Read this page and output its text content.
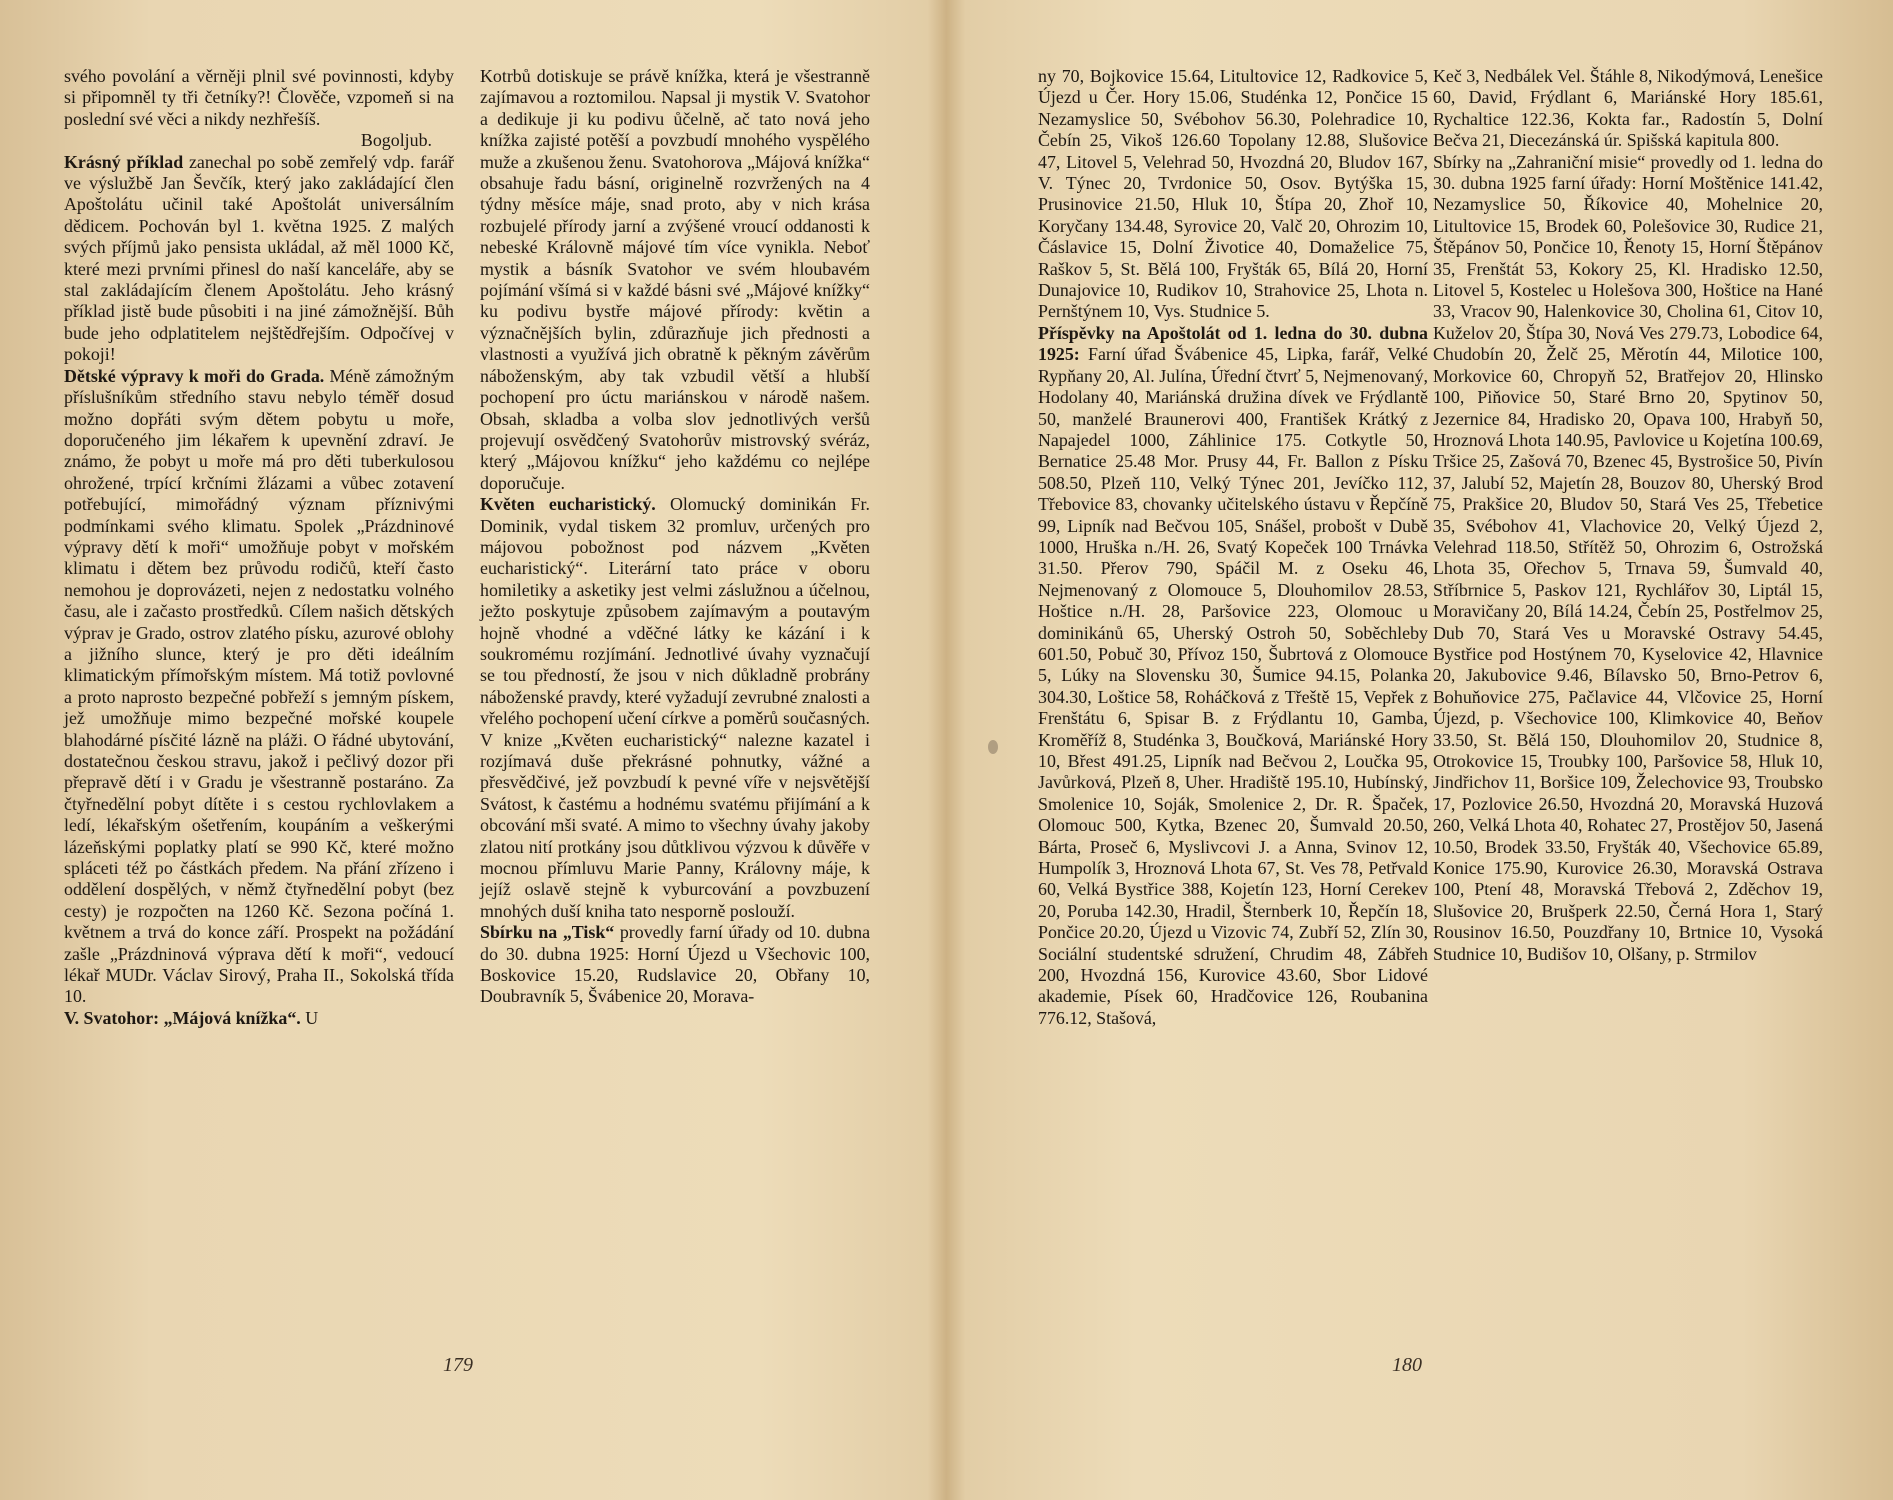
svého povolání a věrněji plnil své povinnosti, kdyby si připomněl ty tři četníky?! Člověče, vzpomeň si na poslední své věci a nikdy nezhřešíš.

Bogoljub.

Krásný příklad zanechal po sobě zemřelý vdp. farář ve výslužbě Jan Ševčík, který jako zakládající člen Apoštolátu učinil také Apoštolát universálním dědicem. Pochován byl 1. května 1925. Z malých svých příjmů jako pensista ukládal, až měl 1000 Kč, které mezi prvními přinesl do naší kanceláře, aby se stal zakládajícím členem Apoštolátu. Jeho krásný příklad jistě bude působiti i na jiné zámožnější. Bůh bude jeho odplatitelem nejštědřejším. Odpočívej v pokoji!

Dětské výpravy k moři do Grada. Méně zámožným příslušníkům středního stavu nebylo téměř dosud možno dopřáti svým dětem pobytu u moře, doporučeného jim lékařem k upevnění zdraví. Je známo, že pobyt u moře má pro děti tuberkulosou ohrožené, trpící krčními žlázami a vůbec zotavení potřebující, mimořádný význam příznivými podmínkami svého klimatu. Spolek „Prázdninové výpravy dětí k moři“ umožňuje pobyt v mořském klimatu i dětem bez průvodu rodičů, kteří často nemohou je doprovázeti, nejen z nedostatku volného času, ale i začasto prostředků. Cílem našich dětských výprav je Grado, ostrov zlatého písku, azurové oblohy a jižního slunce, který je pro děti ideálním klimatickým přímořským místem. Má totiž povlovné a proto naprosto bezpečné pobřeží s jemným pískem, jež umožňuje mimo bezpečné mořské koupele blahodárné písčité lázně na pláži. O řádné ubytování, dostatečnou českou stravu, jakož i pečlivý dozor při přepravě dětí i v Gradu je všestranně postaráno. Za čtyřnedělní pobyt dítěte i s cestou rychlovlakem a ledí, lékařským ošetřením, koupáním a veškerými lázeňskými poplatky platí se 990 Kč, které možno spláceti též po částkách předem. Na přání zřízeno i oddělení dospělých, v němž čtyřnedělní pobyt (bez cesty) je rozpočten na 1260 Kč. Sezona počíná 1. květnem a trvá do konce září. Prospekt na požádání zašle „Prázdninová výprava dětí k moři“, vedoucí lékař MUDr. Václav Sirový, Praha II., Sokolská třída 10.

V. Svatohor: „Májová knížka“. U

Kotrbů dotiskuje se právě knížka, která je všestranně zajímavou a roztomilou. Napsal ji mystik V. Svatohor a dedikuje ji ku podivu ůčelně, ač tato nová jeho knížka zajisté potěší a povzbudí mnohého vyspělého muže a zkušenou ženu. Svatohorova „Májová knížka“ obsahuje řadu básní, originelně rozvržených na 4 týdny měsíce máje, snad proto, aby v nich krása rozbujelé přírody jarní a zvýšené vroucí oddanosti k nebeské Královně májové tím více vynikla. Neboť mystik a básník Svatohor ve svém hloubavém pojímání všímá si v každé básni své „Májové knížky“ ku podivu bystře májové přírody: květin a význačnějších bylin, zdůrazňuje jich přednosti a vlastnosti a využívá jich obratně k pěkným závěrům náboženským, aby tak vzbudil větší a hlubší pochopení pro úctu mariánskou v národě našem. Obsah, skladba a volba slov jednotlivých veršů projevují osvědčený Svatohorův mistrovský svéráz, který „Májovou knížku“ jeho každému co nejlépe doporučuje.

Květen eucharistický. Olomucký dominikán Fr. Dominik, vydal tiskem 32 promluv, určených pro májovou pobožnost pod názvem „Květen eucharistický“. Literární tato práce v oboru homiletiky a asketiky jest velmi záslužnou a účelnou, ježto poskytuje způsobem zajímavým a poutavým hojně vhodné a vděčné látky ke kázání i k soukromému rozjímání. Jednotlivé úvahy vyznačují se tou předností, že jsou v nich důkladně probrány náboženské pravdy, které vyžadují zevrubné znalosti a vřelého pochopení učení církve a poměrů současných. V knize „Květen eucharistický“ nalezne kazatel i rozjímavá duše překrásné pohnutky, vážné a přesvědčivé, jež povzbudí k pevné víře v nejsvětější Svátost, k častému a hodnému svatému přijímání a k obcování mši svaté. A mimo to všechny úvahy jakoby zlatou nití protkány jsou důtklivou výzvou k důvěře v mocnou přímluvu Marie Panny, Královny máje, k jejíž oslavě stejně k vyburcování a povzbuzení mnohých duší kniha tato nesporně poslouží.

Sbírku na „Tisk“ provedly farní úřady od 10. dubna do 30. dubna 1925: Horní Újezd u Všechovic 100, Boskovice 15.20, Rudslavice 20, Obřany 10, Doubravník 5, Švábenice 20, Morava-

179

ny 70, Bojkovice 15.64, Litultovice 12, Radkovice 5, Újezd u Čer. Hory 15.06, Studénka 12, Pončice 15 Nezamyslice 50, Svébohov 56.30, Polehradice 10, Čebín 25, Vikoš 126.60 Topolany 12.88, Slušovice 47, Litovel 5, Velehrad 50, Hvozdná 20, Bludov 167, V. Týnec 20, Tvrdonice 50, Osov. Bytýška 15, Prusinovice 21.50, Hluk 10, Štípa 20, Zhoř 10, Koryčany 134.48, Syrovice 20, Valč 20, Ohrozim 10, Čáslavice 15, Dolní Životice 40, Domaželice 75, Raškov 5, St. Bělá 100, Fryšták 65, Bílá 20, Horní Dunajovice 10, Rudikov 10, Strahovice 25, Lhota n. Pernštýnem 10, Vys. Studnice 5.

Příspěvky na Apoštolát od 1. ledna do 30. dubna 1925: Farní úřad Švábenice 45, Lipka, farář, Velké Rypňany 20, Al. Julína, Úřední čtvrť 5, Nejmenovaný, Hodolany 40, Mariánská družina dívek ve Frýdlantě 50, manželé Braunerovi 400, František Krátký z Napajedel 1000, Záhlinice 175. Cotkytle 50, Bernatice 25.48 Mor. Prusy 44, Fr. Ballon z Písku 508.50, Plzeň 110, Velký Týnec 201, Jevíčko 112, Třebovice 83, chovanky učitelského ústavu v Řepčíně 99, Lipník nad Bečvou 105, Snášel, probošt v Dubě 1000, Hruška n./H. 26, Svatý Kopeček 100 Trnávka 31.50. Přerov 790, Spáčil M. z Oseku 46, Nejmenovaný z Olomouce 5, Dlouhomilov 28.53, Hoštice n./H. 28, Paršovice 223, Olomouc u dominikánů 65, Uherský Ostroh 50, Soběchleby 601.50, Pobuč 30, Přívoz 150, Šubrtová z Olomouce 5, Lúky na Slovensku 30, Šumice 94.15, Polanka 304.30, Loštice 58, Roháčková z Třeště 15, Vepřek z Frenštátu 6, Spisar B. z Frýdlantu 10, Gamba, Kroměříž 8, Studénka 3, Boučková, Mariánské Hory 10, Břest 491.25, Lipník nad Bečvou 2, Loučka 95, Javůrková, Plzeň 8, Uher. Hradiště 195.10, Hubínský, Smolenice 10, Soják, Smolenice 2, Dr. R. Špaček, Olomouc 500, Kytka, Bzenec 20, Šumvald 20.50, Bárta, Proseč 6, Myslivcovi J. a Anna, Svinov 12, Humpolík 3, Hroznová Lhota 67, St. Ves 78, Petřvald 60, Velká Bystřice 388, Kojetín 123, Horní Cerekev 20, Poruba 142.30, Hradil, Šternberk 10, Řepčín 18, Pončice 20.20, Újezd u Vizovic 74, Zubří 52, Zlín 30, Sociální studentské sdružení, Chrudim 48, Zábřeh 200, Hvozdná 156, Kurovice 43.60, Sbor Lidové akademie, Písek 60, Hradčovice 126, Roubanina 776.12, Stašová,

Keč 3, Nedbálek Vel. Štáhle 8, Nikodýmová, Lenešice 60, David, Frýdlant 6, Mariánské Hory 185.61, Rychaltice 122.36, Kokta far., Radostín 5, Dolní Bečva 21, Diecezánská úr. Spišská kapitula 800.

Sbírky na „Zahraniční misie“ provedly od 1. ledna do 30. dubna 1925 farní úřady: Horní Moštěnice 141.42, Nezamyslice 50, Říkovice 40, Mohelnice 20, Litultovice 15, Brodek 60, Polešovice 30, Rudice 21, Štěpánov 50, Pončice 10, Řenoty 15, Horní Štěpánov 35, Frenštát 53, Kokory 25, Kl. Hradisko 12.50, Litovel 5, Kostelec u Holešova 300, Hoštice na Hané 33, Vracov 90, Halenkovice 30, Cholina 61, Citov 10, Kuželov 20, Štípa 30, Nová Ves 279.73, Lobodice 64, Chudobín 20, Želč 25, Měrotín 44, Milotice 100, Morkovice 60, Chropyň 52, Bratřejov 20, Hlinsko 100, Piňovice 50, Staré Brno 20, Spytinov 50, Jezernice 84, Hradisko 20, Opava 100, Hrabyň 50, Hroznová Lhota 140.95, Pavlovice u Kojetína 100.69, Tršice 25, Zašová 70, Bzenec 45, Bystrošice 50, Pivín 37, Jalubí 52, Majetín 28, Bouzov 80, Uherský Brod 75, Prakšice 20, Bludov 50, Stará Ves 25, Třebetice 35, Svébohov 41, Vlachovice 20, Velký Újezd 2, Velehrad 118.50, Střítěž 50, Ohrozim 6, Ostrožská Lhota 35, Ořechov 5, Trnava 59, Šumvald 40, Stříbrnice 5, Paskov 121, Rychlářov 30, Liptál 15, Moravičany 20, Bílá 14.24, Čebín 25, Postřelmov 25, Dub 70, Stará Ves u Moravské Ostravy 54.45, Bystřice pod Hostýnem 70, Kyselovice 42, Hlavnice 20, Jakubovice 9.46, Bílavsko 50, Brno-Petrov 6, Bohuňovice 275, Pačlavice 44, Vlčovice 25, Horní Újezd, p. Všechovice 100, Klimkovice 40, Beňov 33.50, St. Bělá 150, Dlouhomilov 20, Studnice 8, Otrokovice 15, Troubky 100, Paršovice 58, Hluk 10, Jindřichov 11, Boršice 109, Želechovice 93, Troubsko 17, Pozlovice 26.50, Hvozdná 20, Moravská Huzová 260, Velká Lhota 40, Rohatec 27, Prostějov 50, Jasená 10.50, Brodek 33.50, Fryšták 40, Všechovice 65.89, Konice 175.90, Kurovice 26.30, Moravská Ostrava 100, Ptení 48, Moravská Třebová 2, Zděchov 19, Slušovice 20, Brušperk 22.50, Černá Hora 1, Starý Rousinov 16.50, Pouzdřany 10, Brtnice 10, Vysoká Studnice 10, Budišov 10, Olšany, p. Strmilov

180
